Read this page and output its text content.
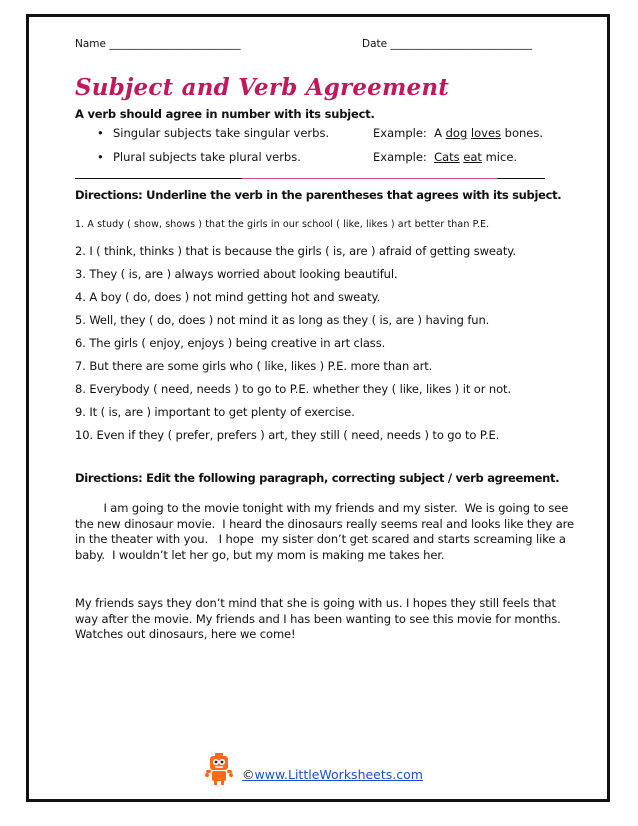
Name _________________________	Date ___________________________
Subject and Verb Agreement
A verb should agree in number with its subject.
• Singular subjects take singular verbs.	Example:  A dog loves bones.
• Plural subjects take plural verbs.	Example:  Cats eat mice.
Directions: Underline the verb in the parentheses that agrees with its subject.
1. A study ( show, shows ) that the girls in our school ( like, likes ) art better than P.E.
2. I ( think, thinks ) that is because the girls ( is, are ) afraid of getting sweaty.
3. They ( is, are ) always worried about looking beautiful.
4. A boy ( do, does ) not mind getting hot and sweaty.
5. Well, they ( do, does ) not mind it as long as they ( is, are ) having fun.
6. The girls ( enjoy, enjoys ) being creative in art class.
7. But there are some girls who ( like, likes ) P.E. more than art.
8. Everybody ( need, needs ) to go to P.E. whether they ( like, likes ) it or not.
9. It ( is, are ) important to get plenty of exercise.
10. Even if they ( prefer, prefers ) art, they still ( need, needs ) to go to P.E.
Directions: Edit the following paragraph, correcting subject / verb agreement.
I am going to the movie tonight with my friends and my sister.  We is going to see the new dinosaur movie.  I heard the dinosaurs really seems real and looks like they are in the theater with you.   I hope  my sister don’t get scared and starts screaming like a baby.  I wouldn’t let her go, but my mom is making me takes her.
My friends says they don’t mind that she is going with us. I hopes they still feels that way after the movie. My friends and I has been wanting to see this movie for months. Watches out dinosaurs, here we come!
©www.LittleWorksheets.com
